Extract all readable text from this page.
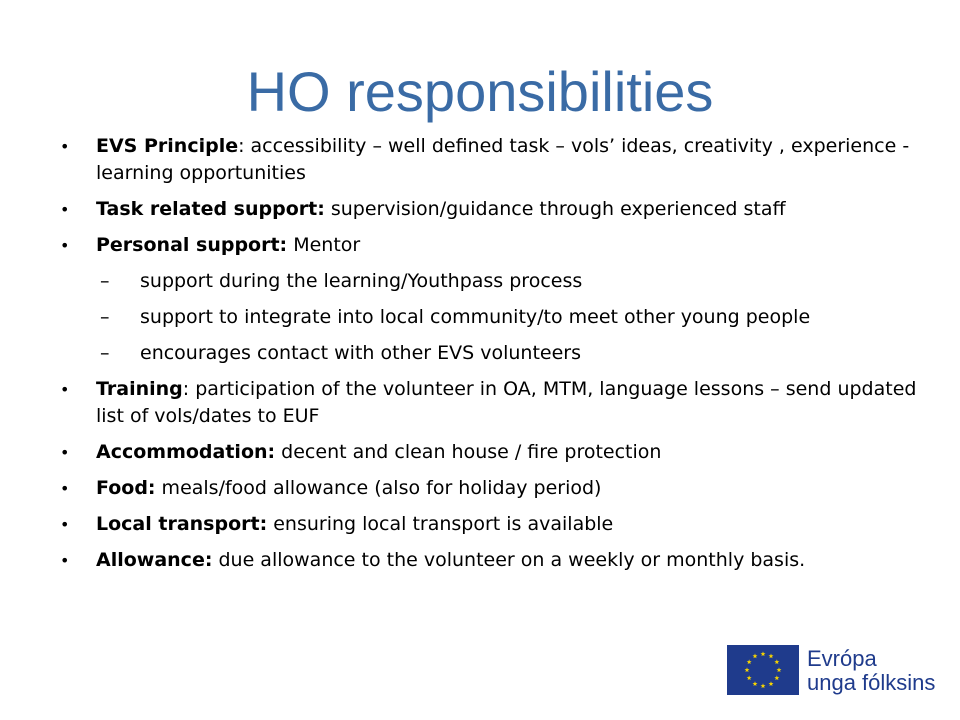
HO responsibilities
•	EVS Principle: accessibility – well defined task – vols’ ideas, creativity , experience - learning opportunities
•	Task related support: supervision/guidance through experienced staff
•	Personal support: Mentor
–	support during the learning/Youthpass process
–	support to integrate into local community/to meet other young people
–	encourages contact with other EVS volunteers
•	Training: participation of the volunteer in OA, MTM, language lessons – send updated list of vols/dates to EUF
•	Accommodation: decent and clean house / fire protection
•	Food: meals/food allowance (also for holiday period)
•	Local transport: ensuring local transport is available
•	Allowance: due allowance to the volunteer on a weekly or monthly basis.
Evrópa
unga fólksins
